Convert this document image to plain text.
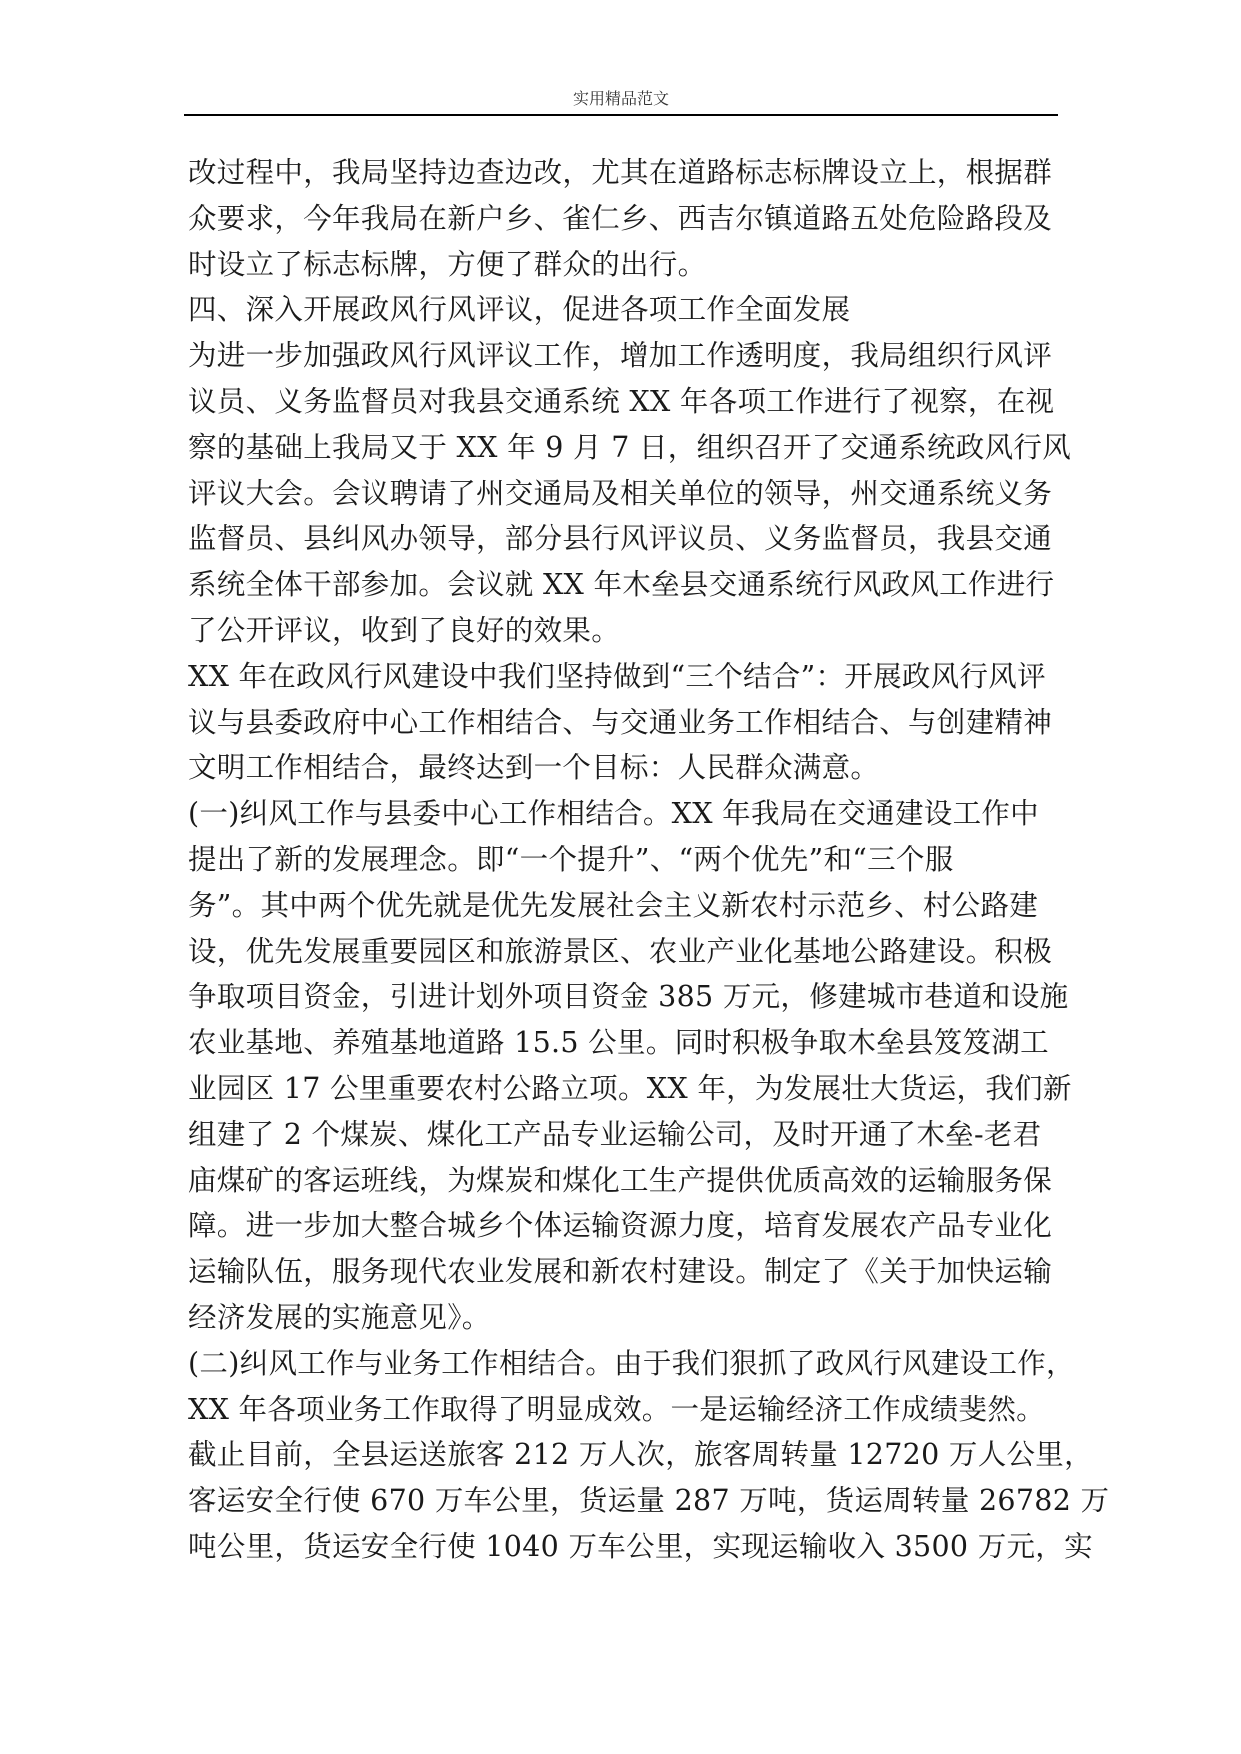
实用精品范文
改过程中，我局坚持边查边改，尤其在道路标志标牌设立上，根据群
众要求，今年我局在新户乡、雀仁乡、西吉尔镇道路五处危险路段及
时设立了标志标牌，方便了群众的出行。
四、深入开展政风行风评议，促进各项工作全面发展
为进一步加强政风行风评议工作，增加工作透明度，我局组织行风评
议员、义务监督员对我县交通系统 XX 年各项工作进行了视察，在视
察的基础上我局又于 XX 年 9 月 7 日，组织召开了交通系统政风行风
评议大会。会议聘请了州交通局及相关单位的领导，州交通系统义务
监督员、县纠风办领导，部分县行风评议员、义务监督员，我县交通
系统全体干部参加。会议就 XX 年木垒县交通系统行风政风工作进行
了公开评议，收到了良好的效果。
XX 年在政风行风建设中我们坚持做到“三个结合”：开展政风行风评
议与县委政府中心工作相结合、与交通业务工作相结合、与创建精神
文明工作相结合，最终达到一个目标：人民群众满意。
(一)纠风工作与县委中心工作相结合。XX 年我局在交通建设工作中
提出了新的发展理念。即“一个提升”、“两个优先”和“三个服
务”。其中两个优先就是优先发展社会主义新农村示范乡、村公路建
设，优先发展重要园区和旅游景区、农业产业化基地公路建设。积极
争取项目资金，引进计划外项目资金 385 万元，修建城市巷道和设施
农业基地、养殖基地道路 15.5 公里。同时积极争取木垒县笈笈湖工
业园区 17 公里重要农村公路立项。XX 年，为发展壮大货运，我们新
组建了 2 个煤炭、煤化工产品专业运输公司，及时开通了木垒-老君
庙煤矿的客运班线，为煤炭和煤化工生产提供优质高效的运输服务保
障。进一步加大整合城乡个体运输资源力度，培育发展农产品专业化
运输队伍，服务现代农业发展和新农村建设。制定了《关于加快运输
经济发展的实施意见》。
(二)纠风工作与业务工作相结合。由于我们狠抓了政风行风建设工作，
XX 年各项业务工作取得了明显成效。一是运输经济工作成绩斐然。
截止目前，全县运送旅客 212 万人次，旅客周转量 12720 万人公里，
客运安全行使 670 万车公里，货运量 287 万吨，货运周转量 26782 万
吨公里，货运安全行使 1040 万车公里，实现运输收入 3500 万元，实
